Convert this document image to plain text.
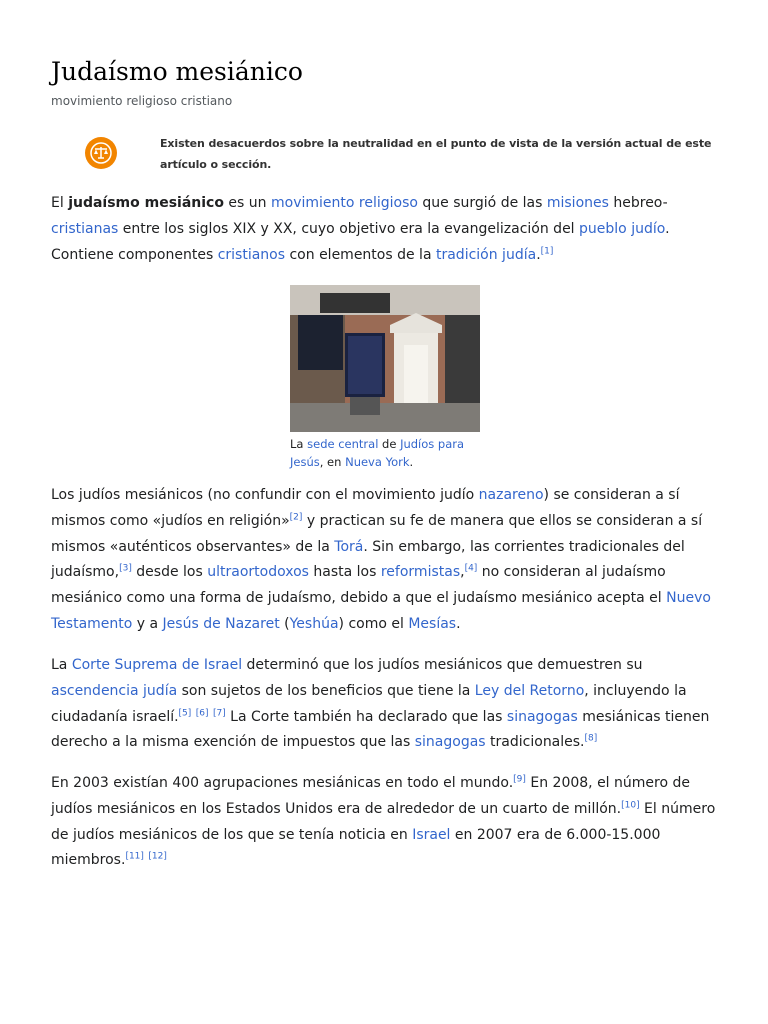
Judaísmo mesiánico
movimiento religioso cristiano
Existen desacuerdos sobre la neutralidad en el punto de vista de la versión actual de este artículo o sección.

El judaísmo mesiánico es un movimiento religioso que surgió de las misiones hebreo-cristianas entre los siglos XIX y XX, cuyo objetivo era la evangelización del pueblo judío. Contiene componentes cristianos con elementos de la tradición judía.[1]

La sede central de Judíos para Jesús, en Nueva York.

Los judíos mesiánicos (no confundir con el movimiento judío nazareno) se consideran a sí mismos como «judíos en religión»[2] y practican su fe de manera que ellos se consideran a sí mismos «auténticos observantes» de la Torá. Sin embargo, las corrientes tradicionales del judaísmo,[3] desde los ultraortodoxos hasta los reformistas,[4] no consideran al judaísmo mesiánico como una forma de judaísmo, debido a que el judaísmo mesiánico acepta el Nuevo Testamento y a Jesús de Nazaret (Yeshúa) como el Mesías.

La Corte Suprema de Israel determinó que los judíos mesiánicos que demuestren su ascendencia judía son sujetos de los beneficios que tiene la Ley del Retorno, incluyendo la ciudadanía israelí.[5] [6] [7] La Corte también ha declarado que las sinagogas mesiánicas tienen derecho a la misma exención de impuestos que las sinagogas tradicionales.[8]

En 2003 existían 400 agrupaciones mesiánicas en todo el mundo.[9] En 2008, el número de judíos mesiánicos en los Estados Unidos era de alrededor de un cuarto de millón.[10] El número de judíos mesiánicos de los que se tenía noticia en Israel en 2007 era de 6.000-15.000 miembros.[11] [12]
